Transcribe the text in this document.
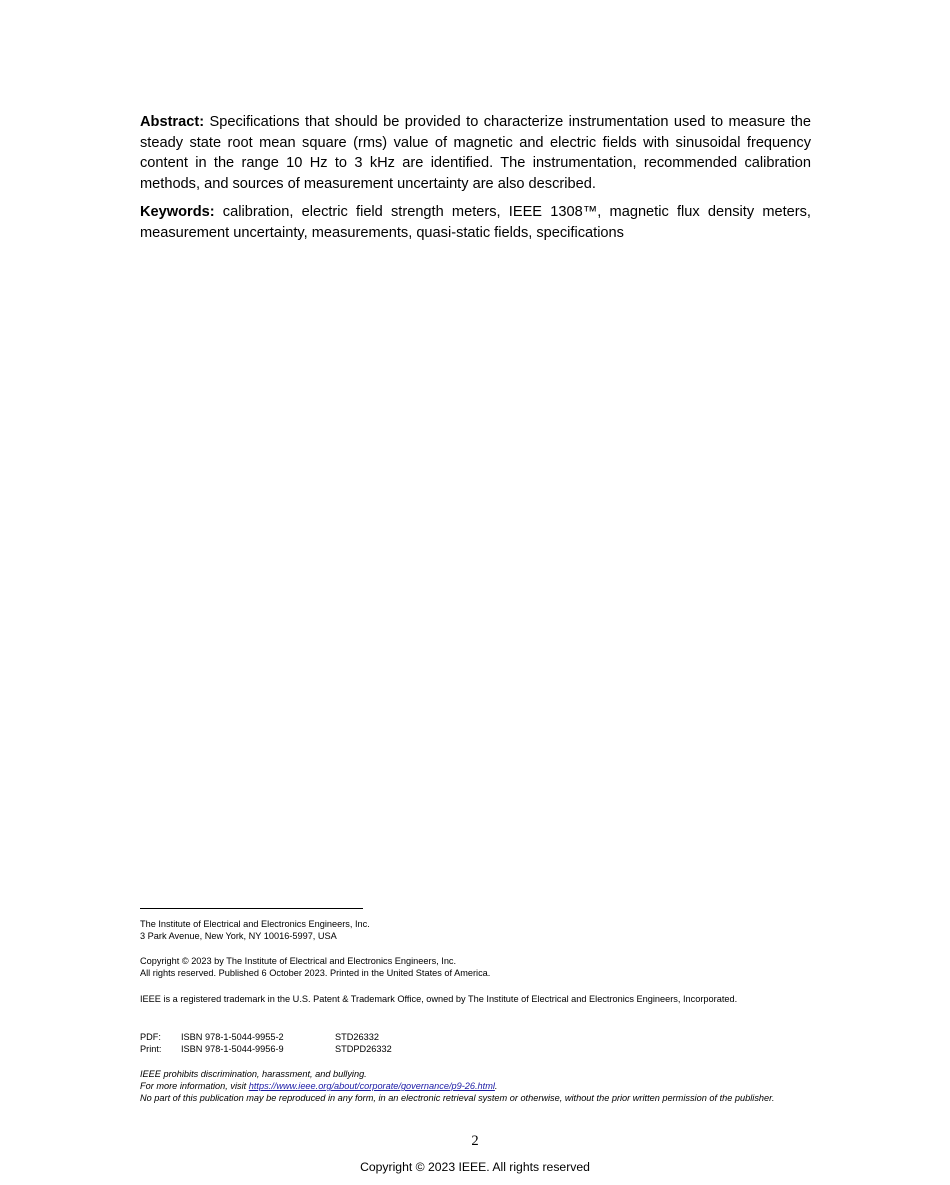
Abstract: Specifications that should be provided to characterize instrumentation used to measure the steady state root mean square (rms) value of magnetic and electric fields with sinusoidal frequency content in the range 10 Hz to 3 kHz are identified. The instrumentation, recommended calibration methods, and sources of measurement uncertainty are also described.

Keywords: calibration, electric field strength meters, IEEE 1308™, magnetic flux density meters, measurement uncertainty, measurements, quasi-static fields, specifications

The Institute of Electrical and Electronics Engineers, Inc.
3 Park Avenue, New York, NY 10016-5997, USA
Copyright © 2023 by The Institute of Electrical and Electronics Engineers, Inc.
All rights reserved. Published 6 October 2023. Printed in the United States of America.
IEEE is a registered trademark in the U.S. Patent & Trademark Office, owned by The Institute of Electrical and Electronics Engineers, Incorporated.
PDF: ISBN 978-1-5044-9955-2	STD26332
Print: ISBN 978-1-5044-9956-9	STDPD26332
IEEE prohibits discrimination, harassment, and bullying.
For more information, visit https://www.ieee.org/about/corporate/governance/p9-26.html.
No part of this publication may be reproduced in any form, in an electronic retrieval system or otherwise, without the prior written permission of the publisher.
2
Copyright © 2023 IEEE. All rights reserved
